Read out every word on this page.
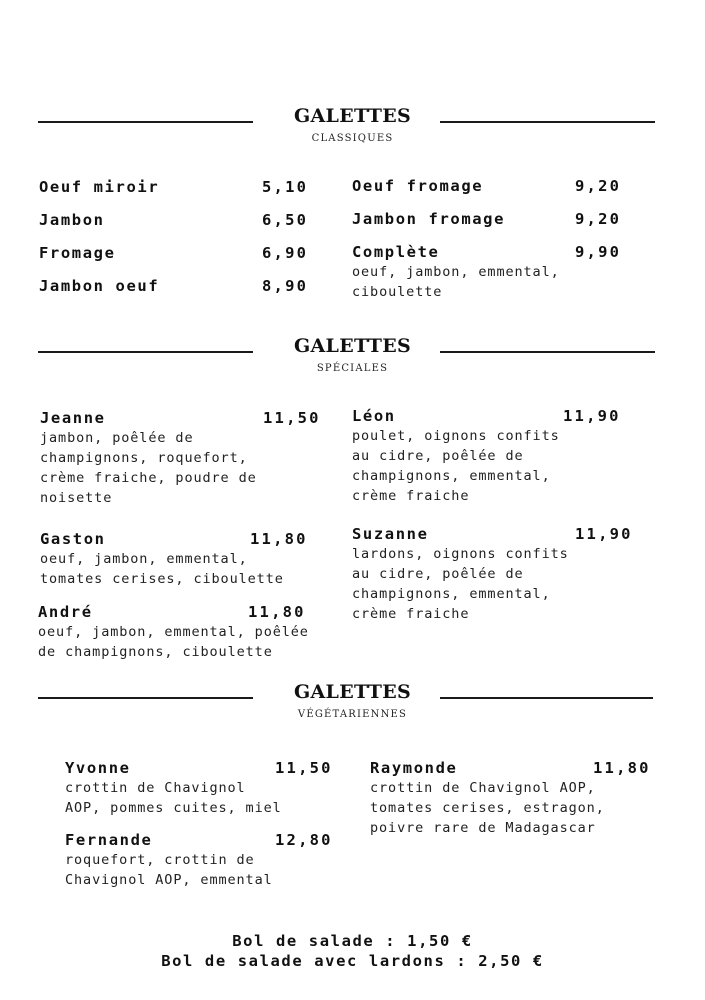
GALETTES
CLASSIQUES
Oeuf miroir	5,10
Jambon	6,50
Fromage	6,90
Jambon oeuf	8,90
Oeuf fromage	9,20
Jambon fromage	9,20
Complète	9,90
oeuf, jambon, emmental,
ciboulette
GALETTES
SPÉCIALES
Jeanne	11,50
jambon, poêlée de
champignons, roquefort,
crème fraiche, poudre de
noisette
Gaston	11,80
oeuf, jambon, emmental,
tomates cerises, ciboulette
André	11,80
oeuf, jambon, emmental, poêlée
de champignons, ciboulette
Léon	11,90
poulet, oignons confits
au cidre, poêlée de
champignons, emmental,
crème fraiche
Suzanne	11,90
lardons, oignons confits
au cidre, poêlée de
champignons, emmental,
crème fraiche
GALETTES
VÉGÉTARIENNES
Yvonne	11,50
crottin de Chavignol
AOP, pommes cuites, miel
Fernande	12,80
roquefort, crottin de
Chavignol AOP, emmental
Raymonde	11,80
crottin de Chavignol AOP,
tomates cerises, estragon,
poivre rare de Madagascar
Bol de salade : 1,50 €
Bol de salade avec lardons : 2,50 €
